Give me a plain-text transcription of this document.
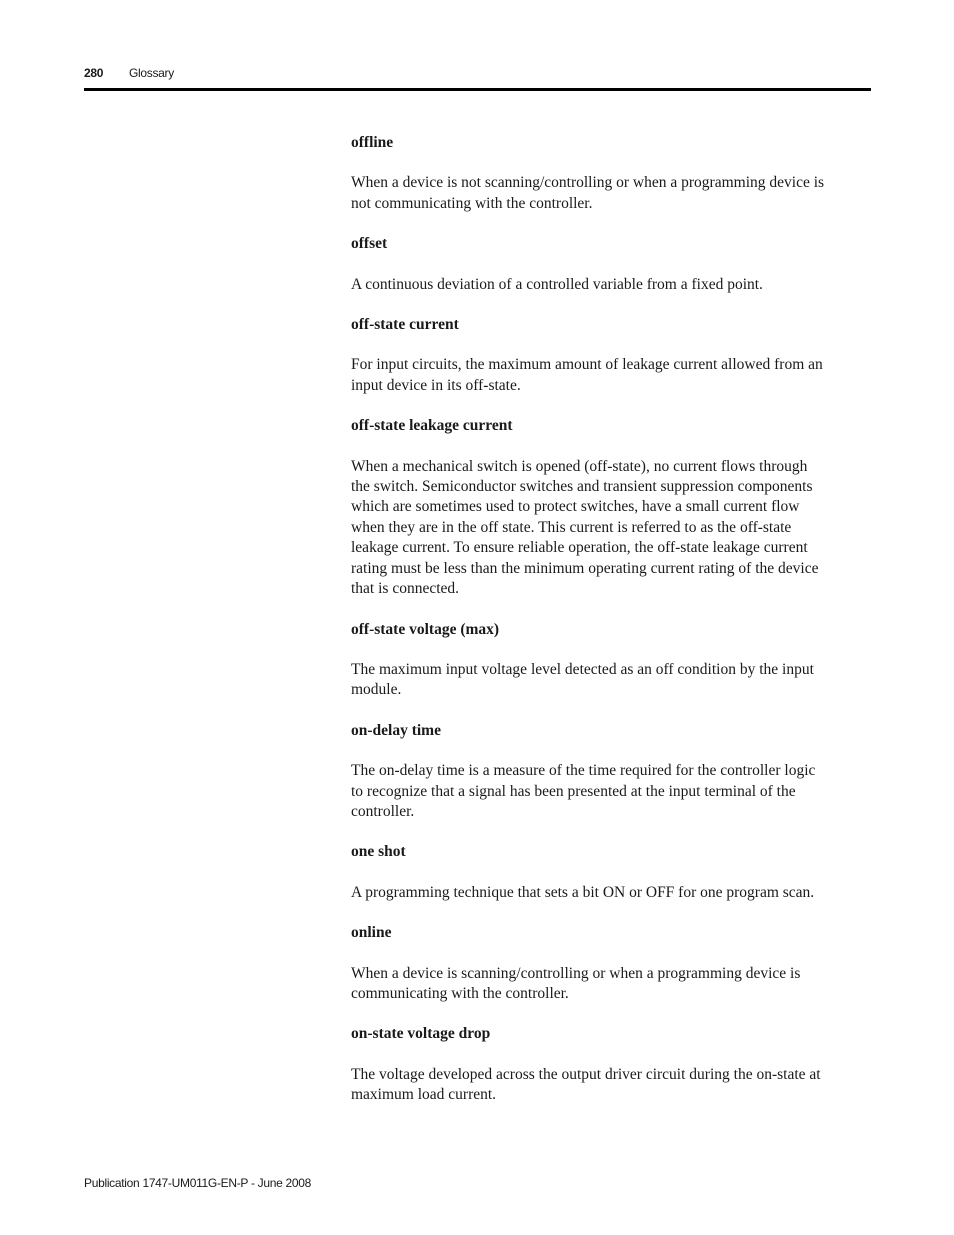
280 Glossary

offline

When a device is not scanning/controlling or when a programming device is not communicating with the controller.

offset

A continuous deviation of a controlled variable from a fixed point.

off-state current

For input circuits, the maximum amount of leakage current allowed from an input device in its off-state.

off-state leakage current

When a mechanical switch is opened (off-state), no current flows through the switch. Semiconductor switches and transient suppression components which are sometimes used to protect switches, have a small current flow when they are in the off state. This current is referred to as the off-state leakage current. To ensure reliable operation, the off-state leakage current rating must be less than the minimum operating current rating of the device that is connected.

off-state voltage (max)

The maximum input voltage level detected as an off condition by the input module.

on-delay time

The on-delay time is a measure of the time required for the controller logic to recognize that a signal has been presented at the input terminal of the controller.

one shot

A programming technique that sets a bit ON or OFF for one program scan.

online

When a device is scanning/controlling or when a programming device is communicating with the controller.

on-state voltage drop

The voltage developed across the output driver circuit during the on-state at maximum load current.

Publication 1747-UM011G-EN-P - June 2008
